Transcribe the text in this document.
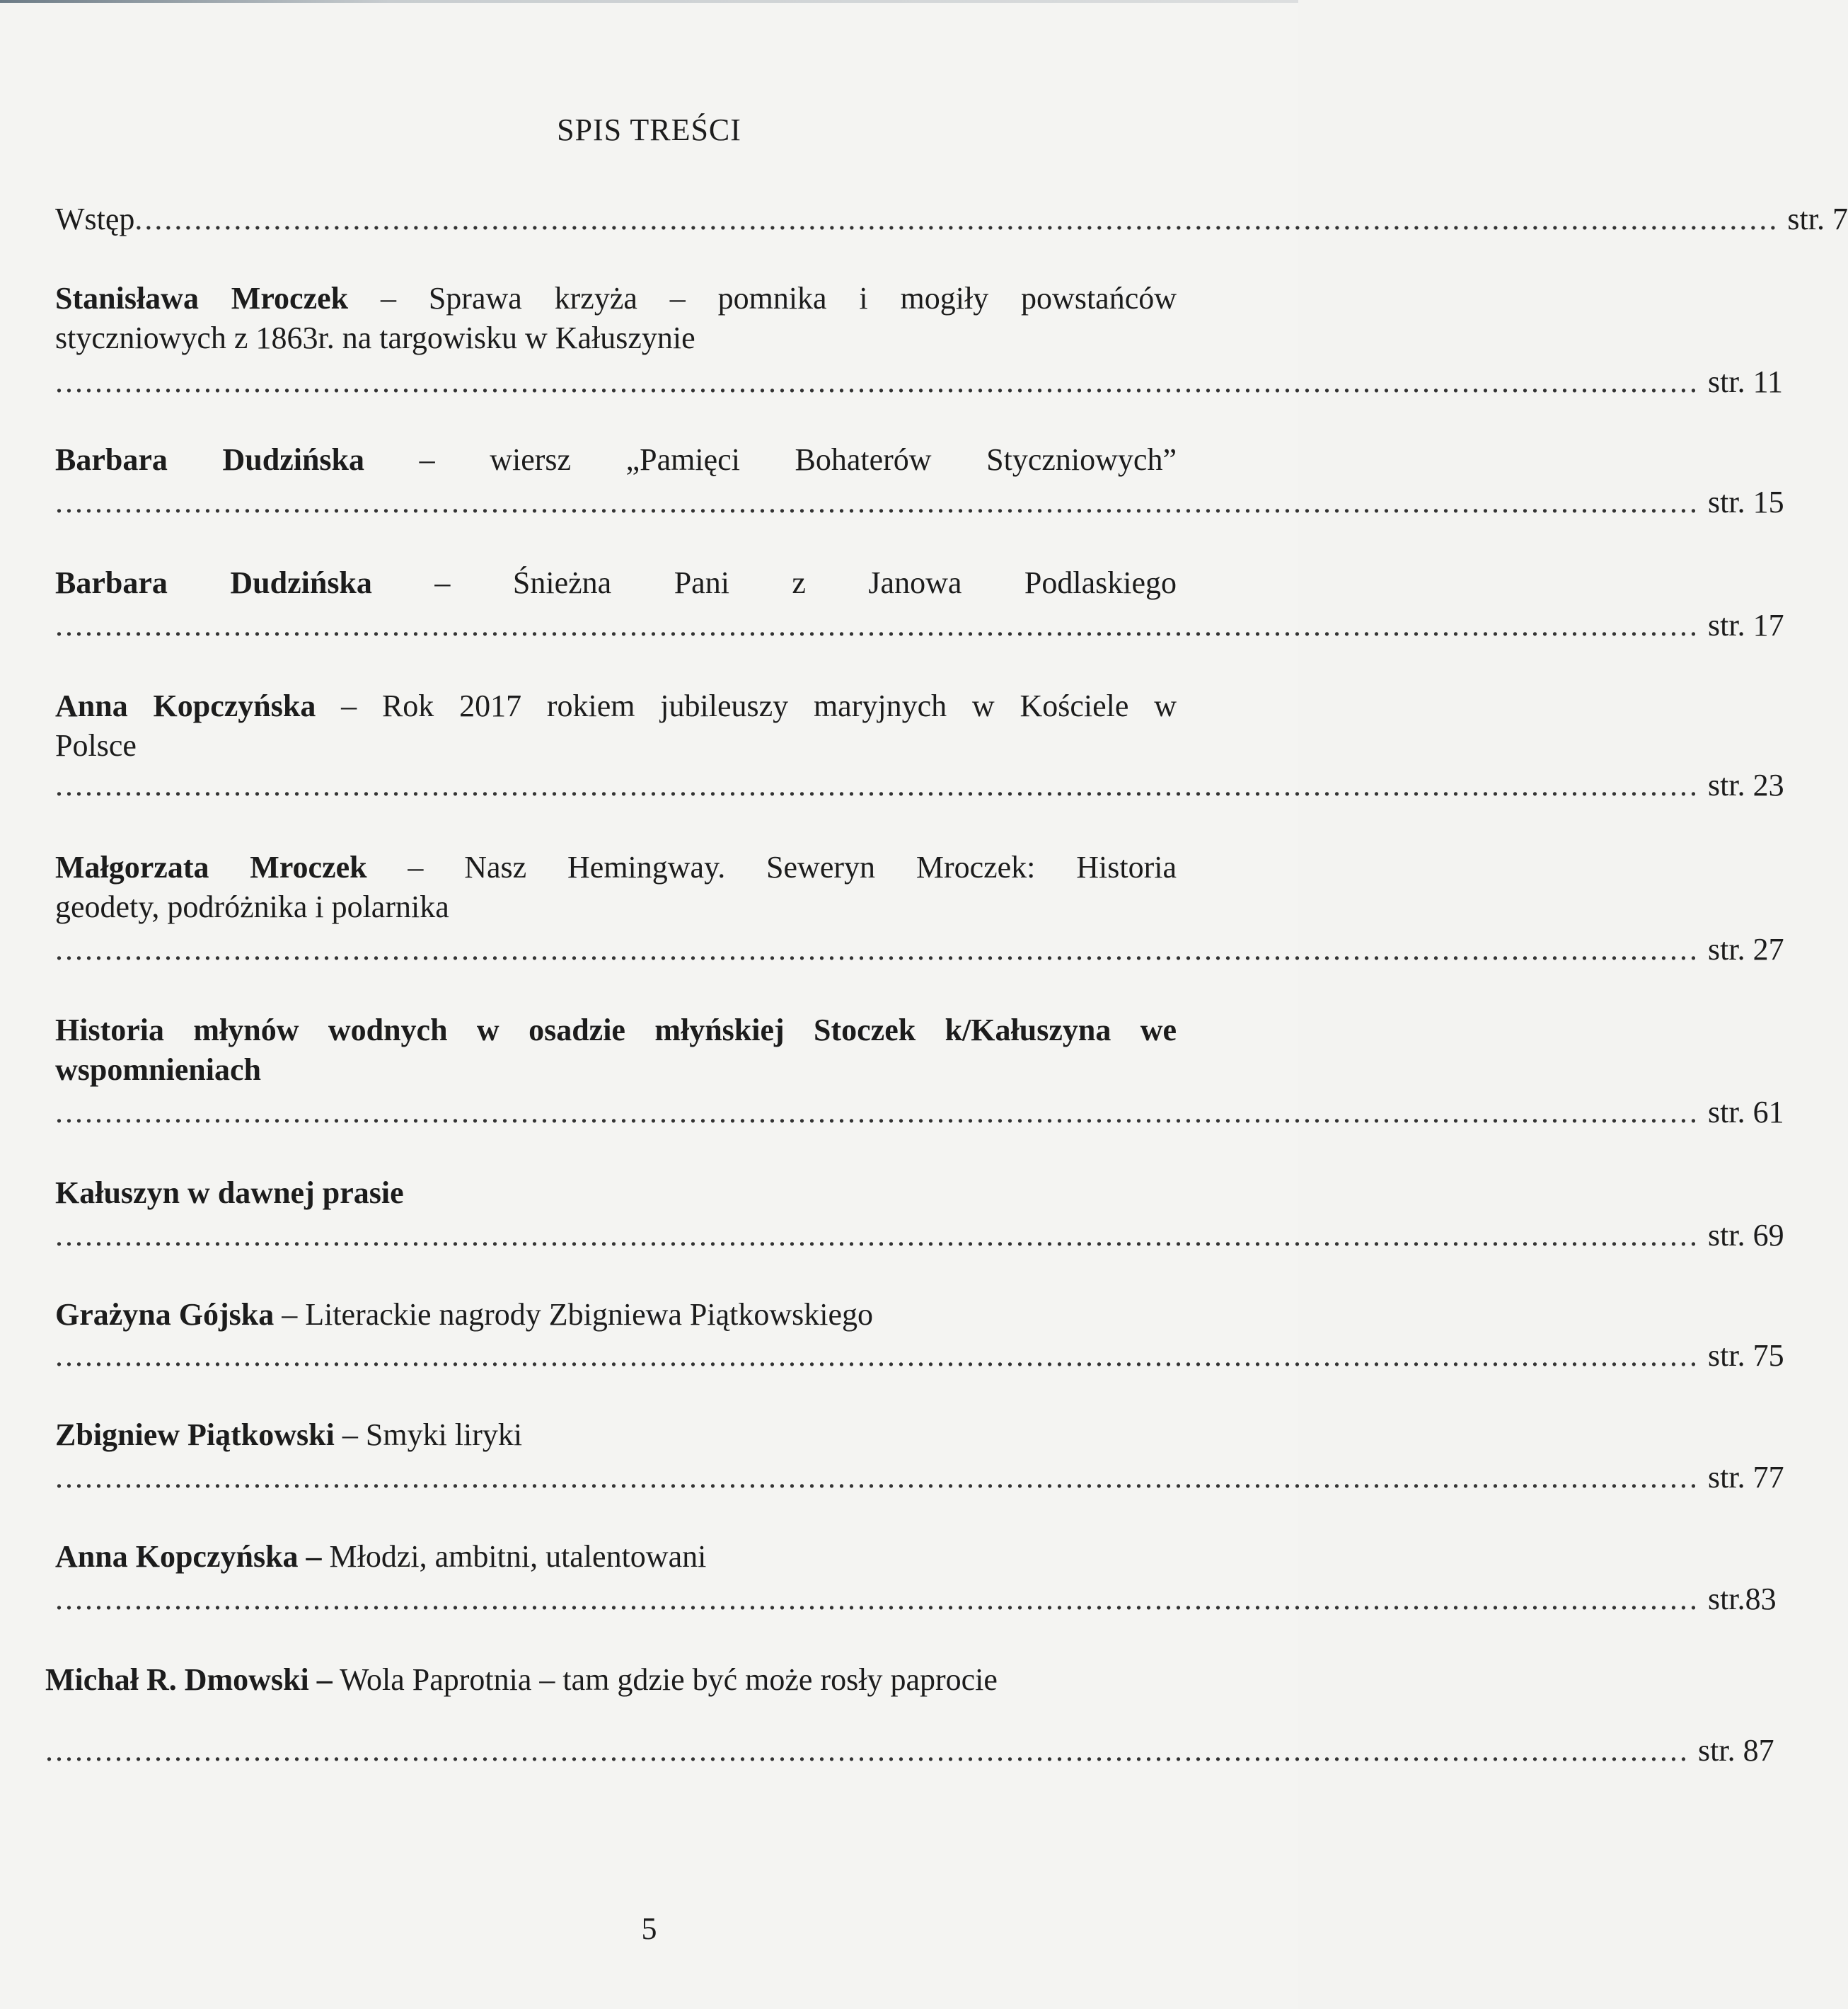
SPIS TREŚCI
Wstęp ...................................................................................................................................................................... str. 7
Stanisława Mroczek – Sprawa krzyża – pomnika i mogiły powstańców
styczniowych z 1863r. na targowisku w Kałuszynie
...................................................................................................................................................................... str. 11
Barbara Dudzińska – wiersz „Pamięci Bohaterów Styczniowych”
...................................................................................................................................................................... str. 15
Barbara Dudzińska – Śnieżna Pani z Janowa Podlaskiego
...................................................................................................................................................................... str. 17
Anna Kopczyńska – Rok 2017 rokiem jubileuszy maryjnych w Kościele w
Polsce
...................................................................................................................................................................... str. 23
Małgorzata Mroczek – Nasz Hemingway. Seweryn Mroczek: Historia
geodety, podróżnika i polarnika
...................................................................................................................................................................... str. 27
Historia młynów wodnych w osadzie młyńskiej Stoczek k/Kałuszyna we
wspomnieniach
...................................................................................................................................................................... str. 61
Kałuszyn w dawnej prasie
...................................................................................................................................................................... str. 69
Grażyna Gójska – Literackie nagrody Zbigniewa Piątkowskiego
...................................................................................................................................................................... str. 75
Zbigniew Piątkowski – Smyki liryki
...................................................................................................................................................................... str. 77
Anna Kopczyńska – Młodzi, ambitni, utalentowani
...................................................................................................................................................................... str.83
Michał R. Dmowski – Wola Paprotnia – tam gdzie być może rosły paprocie
...................................................................................................................................................................... str. 87
5
